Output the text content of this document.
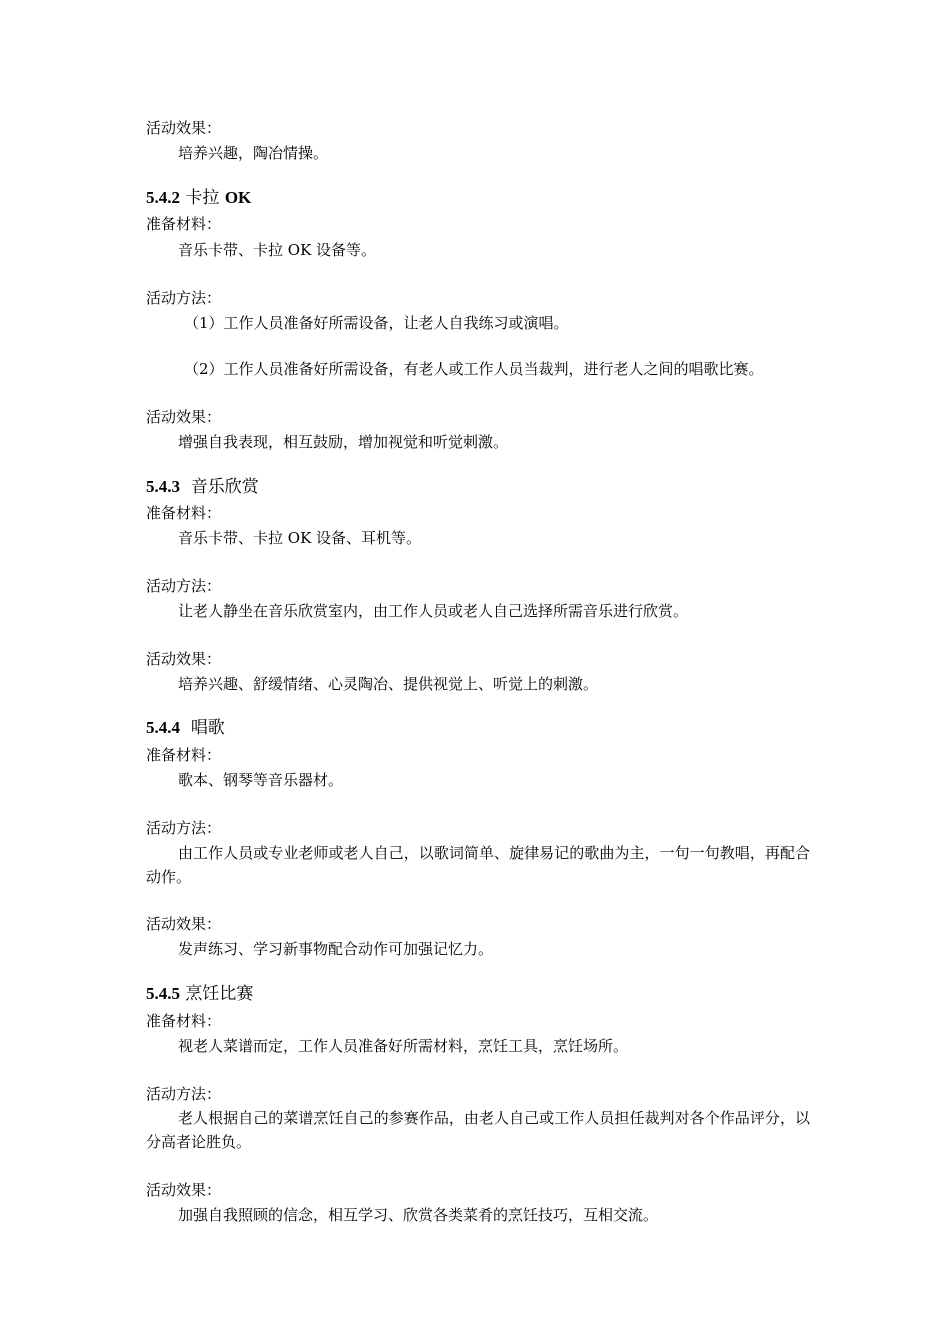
活动效果：
培养兴趣，陶冶情操。
5.4.2 卡拉 OK
准备材料：
音乐卡带、卡拉 OK 设备等。
活动方法：
（1）工作人员准备好所需设备，让老人自我练习或演唱。
（2）工作人员准备好所需设备，有老人或工作人员当裁判，进行老人之间的唱歌比赛。
活动效果：
增强自我表现，相互鼓励，增加视觉和听觉刺激。
5.4.3 音乐欣赏
准备材料：
音乐卡带、卡拉 OK 设备、耳机等。
活动方法：
让老人静坐在音乐欣赏室内，由工作人员或老人自己选择所需音乐进行欣赏。
活动效果：
培养兴趣、舒缓情绪、心灵陶冶、提供视觉上、听觉上的刺激。
5.4.4 唱歌
准备材料：
歌本、钢琴等音乐器材。
活动方法：
由工作人员或专业老师或老人自己，以歌词简单、旋律易记的歌曲为主，一句一句教唱，再配合动作。
活动效果：
发声练习、学习新事物配合动作可加强记忆力。
5.4.5 烹饪比赛
准备材料：
视老人菜谱而定，工作人员准备好所需材料，烹饪工具，烹饪场所。
活动方法：
老人根据自己的菜谱烹饪自己的参赛作品，由老人自己或工作人员担任裁判对各个作品评分，以分高者论胜负。
活动效果：
加强自我照顾的信念，相互学习、欣赏各类菜肴的烹饪技巧，互相交流。
